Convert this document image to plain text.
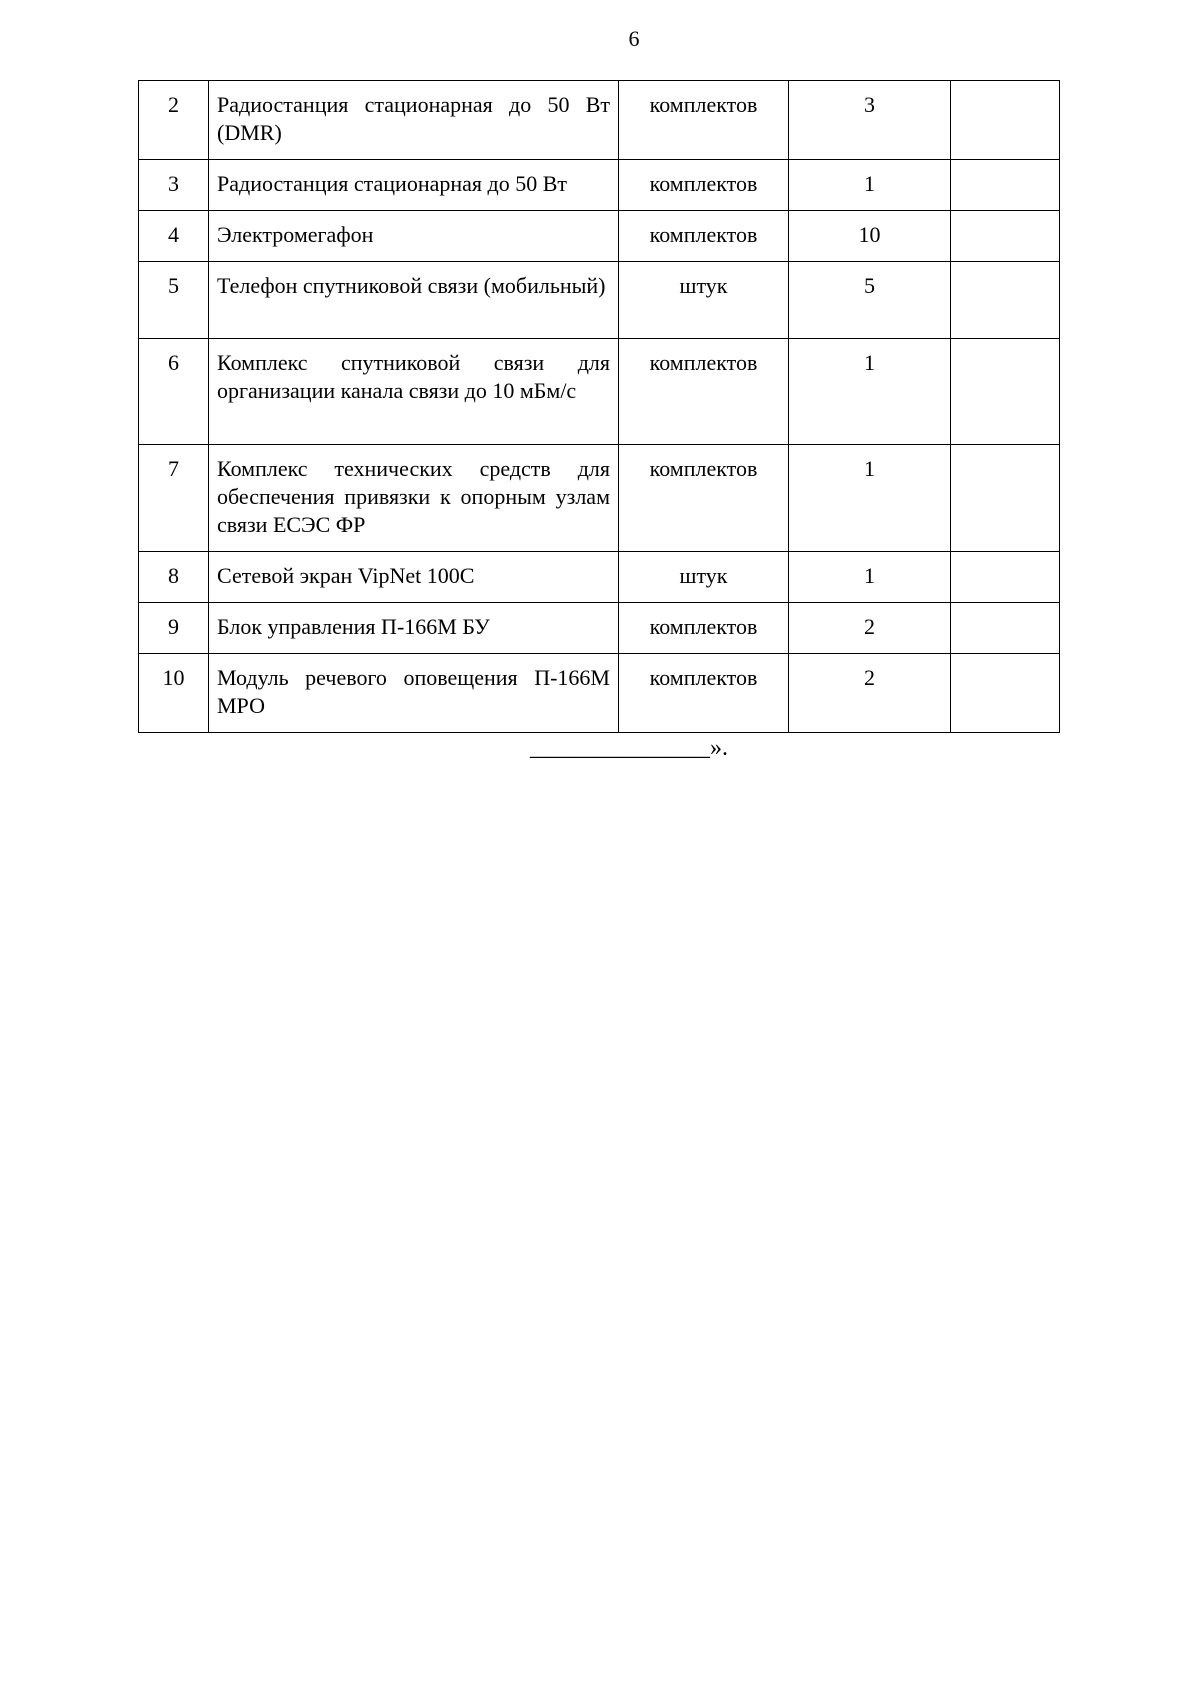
6
2	Радиостанция стационарная до 50 Вт (DMR)	комплектов	3	
3	Радиостанция стационарная до 50 Вт	комплектов	1	
4	Электромегафон	комплектов	10	
5	Телефон спутниковой связи (мобильный)	штук	5	
6	Комплекс спутниковой связи для организации канала связи до 10 мБм/с	комплектов	1	
7	Комплекс технических средств для обеспечения привязки к опорным узлам связи ЕСЭС ФР	комплектов	1	
8	Сетевой экран VipNet 100С	штук	1	
9	Блок управления П-166М БУ	комплектов	2	
10	Модуль речевого оповещения П-166М МРО	комплектов	2	
_______________».
